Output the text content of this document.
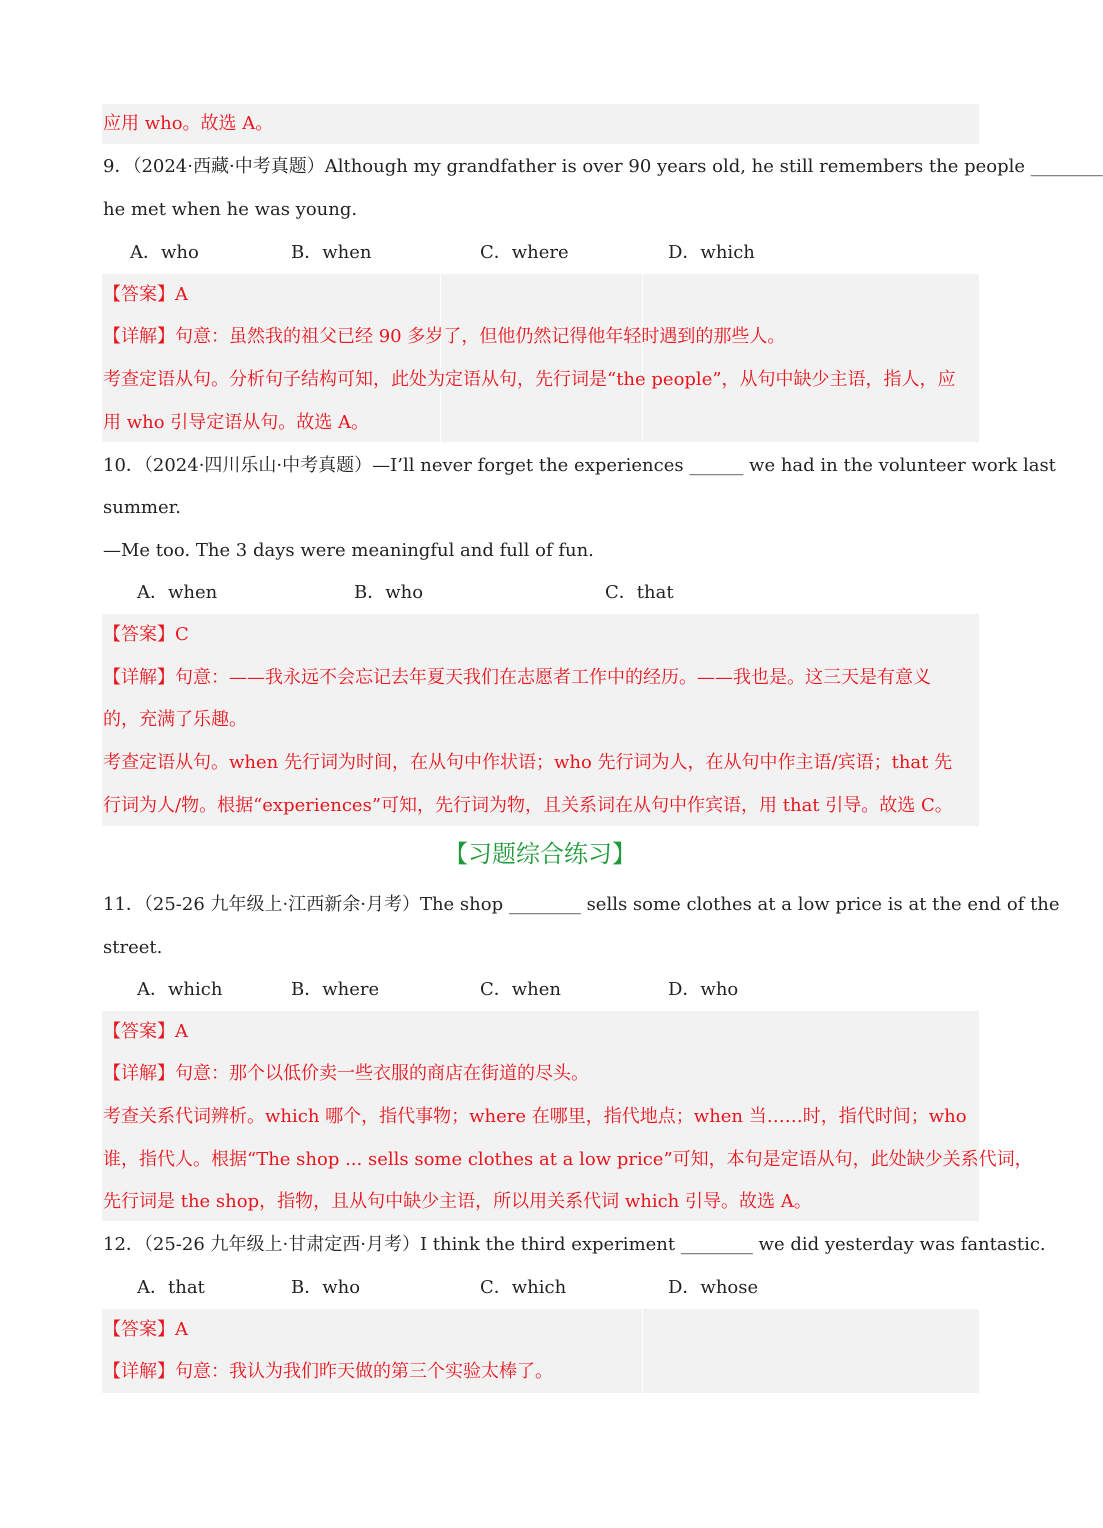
应用 who。故选 A。
9．（2024·西藏·中考真题）Although my grandfather is over 90 years old, he still remembers the people ________
he met when he was young.
A．who	B．when	C．where	D．which
【答案】A
【详解】句意：虽然我的祖父已经 90 多岁了，但他仍然记得他年轻时遇到的那些人。
考查定语从句。分析句子结构可知，此处为定语从句，先行词是“the people”，从句中缺少主语，指人，应
用 who 引导定语从句。故选 A。
10．（2024·四川乐山·中考真题）—I’ll never forget the experiences ______ we had in the volunteer work last
summer.
—Me too. The 3 days were meaningful and full of fun.
A．when	B．who	C．that
【答案】C
【详解】句意：——我永远不会忘记去年夏天我们在志愿者工作中的经历。——我也是。这三天是有意义
的，充满了乐趣。
考查定语从句。when 先行词为时间，在从句中作状语；who 先行词为人，在从句中作主语/宾语；that 先
行词为人/物。根据“experiences”可知，先行词为物，且关系词在从句中作宾语，用 that 引导。故选 C。
【习题综合练习】
11．（25-26 九年级上·江西新余·月考）The shop ________ sells some clothes at a low price is at the end of the
street.
A．which	B．where	C．when	D．who
【答案】A
【详解】句意：那个以低价卖一些衣服的商店在街道的尽头。
考查关系代词辨析。which 哪个，指代事物；where 在哪里，指代地点；when 当……时，指代时间；who
谁，指代人。根据“The shop ... sells some clothes at a low price”可知，本句是定语从句，此处缺少关系代词，
先行词是 the shop，指物，且从句中缺少主语，所以用关系代词 which 引导。故选 A。
12．（25-26 九年级上·甘肃定西·月考）I think the third experiment ________ we did yesterday was fantastic.
A．that	B．who	C．which	D．whose
【答案】A
【详解】句意：我认为我们昨天做的第三个实验太棒了。
